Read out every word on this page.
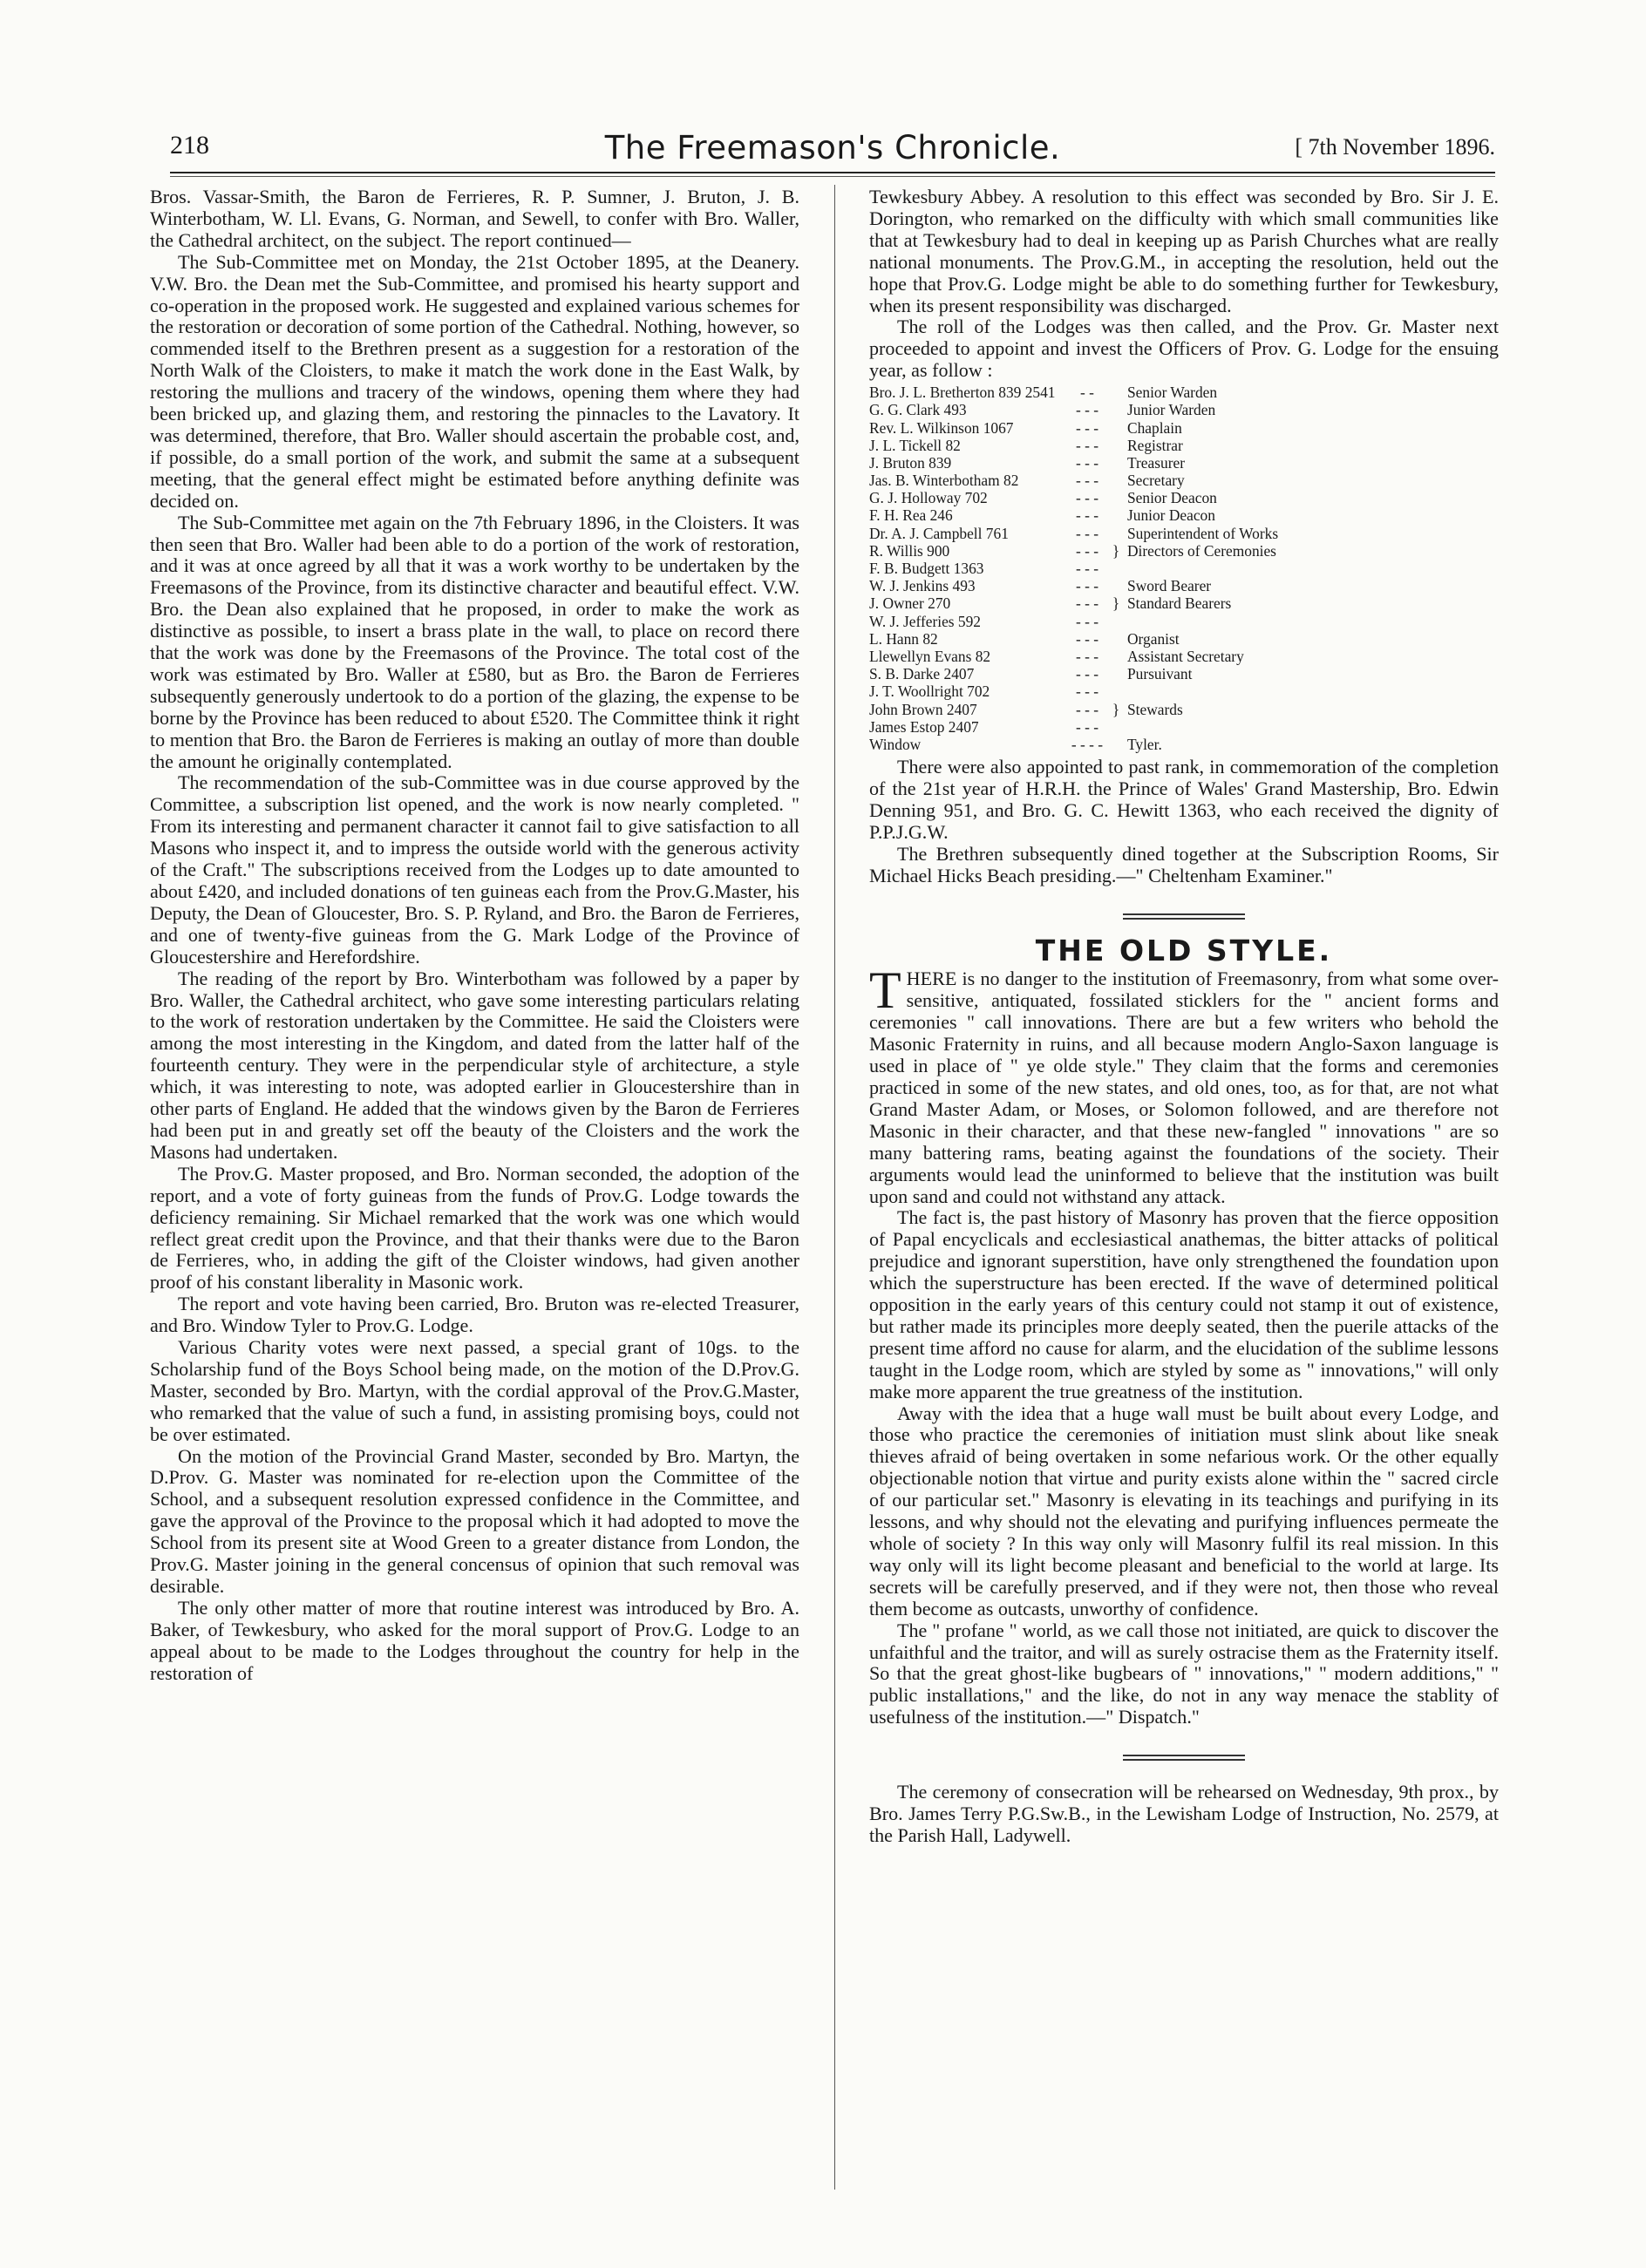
218	The Freemason's Chronicle.	[ 7th November 1896.

Bros. Vassar-Smith, the Baron de Ferrieres, R. P. Sumner, J. Bruton, J. B. Winterbotham, W. Ll. Evans, G. Norman, and Sewell, to confer with Bro. Waller, the Cathedral architect, on the subject. The report continued—

The Sub-Committee met on Monday, the 21st October 1895, at the Deanery. V.W. Bro. the Dean met the Sub-Committee, and promised his hearty support and co-operation in the proposed work. He suggested and explained various schemes for the restoration or decoration of some portion of the Cathedral. Nothing, however, so commended itself to the Brethren present as a suggestion for a restoration of the North Walk of the Cloisters, to make it match the work done in the East Walk, by restoring the mullions and tracery of the windows, opening them where they had been bricked up, and glazing them, and restoring the pinnacles to the Lavatory. It was determined, therefore, that Bro. Waller should ascertain the probable cost, and, if possible, do a small portion of the work, and submit the same at a subsequent meeting, that the general effect might be estimated before anything definite was decided on.

The Sub-Committee met again on the 7th February 1896, in the Cloisters. It was then seen that Bro. Waller had been able to do a portion of the work of restoration, and it was at once agreed by all that it was a work worthy to be undertaken by the Freemasons of the Province, from its distinctive character and beautiful effect. V.W. Bro. the Dean also explained that he proposed, in order to make the work as distinctive as possible, to insert a brass plate in the wall, to place on record there that the work was done by the Freemasons of the Province. The total cost of the work was estimated by Bro. Waller at £580, but as Bro. the Baron de Ferrieres subsequently generously undertook to do a portion of the glazing, the expense to be borne by the Province has been reduced to about £520. The Committee think it right to mention that Bro. the Baron de Ferrieres is making an outlay of more than double the amount he originally contemplated.

The recommendation of the sub-Committee was in due course approved by the Committee, a subscription list opened, and the work is now nearly completed. " From its interesting and permanent character it cannot fail to give satisfaction to all Masons who inspect it, and to impress the outside world with the generous activity of the Craft." The subscriptions received from the Lodges up to date amounted to about £420, and included donations of ten guineas each from the Prov.G.Master, his Deputy, the Dean of Gloucester, Bro. S. P. Ryland, and Bro. the Baron de Ferrieres, and one of twenty-five guineas from the G. Mark Lodge of the Province of Gloucestershire and Herefordshire.

The reading of the report by Bro. Winterbotham was followed by a paper by Bro. Waller, the Cathedral architect, who gave some interesting particulars relating to the work of restoration undertaken by the Committee. He said the Cloisters were among the most interesting in the Kingdom, and dated from the latter half of the fourteenth century. They were in the perpendicular style of architecture, a style which, it was interesting to note, was adopted earlier in Gloucestershire than in other parts of England. He added that the windows given by the Baron de Ferrieres had been put in and greatly set off the beauty of the Cloisters and the work the Masons had undertaken.

The Prov.G. Master proposed, and Bro. Norman seconded, the adoption of the report, and a vote of forty guineas from the funds of Prov.G. Lodge towards the deficiency remaining. Sir Michael remarked that the work was one which would reflect great credit upon the Province, and that their thanks were due to the Baron de Ferrieres, who, in adding the gift of the Cloister windows, had given another proof of his constant liberality in Masonic work.

The report and vote having been carried, Bro. Bruton was re-elected Treasurer, and Bro. Window Tyler to Prov.G. Lodge.

Various Charity votes were next passed, a special grant of 10gs. to the Scholarship fund of the Boys School being made, on the motion of the D.Prov.G. Master, seconded by Bro. Martyn, with the cordial approval of the Prov.G.Master, who remarked that the value of such a fund, in assisting promising boys, could not be over estimated.

On the motion of the Provincial Grand Master, seconded by Bro. Martyn, the D.Prov. G. Master was nominated for re-election upon the Committee of the School, and a subsequent resolution expressed confidence in the Committee, and gave the approval of the Province to the proposal which it had adopted to move the School from its present site at Wood Green to a greater distance from London, the Prov.G. Master joining in the general concensus of opinion that such removal was desirable.

The only other matter of more that routine interest was introduced by Bro. A. Baker, of Tewkesbury, who asked for the moral support of Prov.G. Lodge to an appeal about to be made to the Lodges throughout the country for help in the restoration of

Tewkesbury Abbey. A resolution to this effect was seconded by Bro. Sir J. E. Dorington, who remarked on the difficulty with which small communities like that at Tewkesbury had to deal in keeping up as Parish Churches what are really national monuments. The Prov.G.M., in accepting the resolution, held out the hope that Prov.G. Lodge might be able to do something further for Tewkesbury, when its present responsibility was discharged.

The roll of the Lodges was then called, and the Prov. Gr. Master next proceeded to appoint and invest the Officers of Prov. G. Lodge for the ensuing year, as follow :

Bro. J. L. Bretherton 839 2541	- -	Senior Warden
G. G. Clark 493	- - -	Junior Warden
Rev. L. Wilkinson 1067	- - -	Chaplain
J. L. Tickell 82	- - -	Registrar
J. Bruton 839	- - -	Treasurer
Jas. B. Winterbotham 82	- - -	Secretary
G. J. Holloway 702	- - -	Senior Deacon
F. H. Rea 246	- - -	Junior Deacon
Dr. A. J. Campbell 761	- - -	Superintendent of Works
R. Willis 900	- - - } Directors of Ceremonies
F. B. Budgett 1363	- - -
W. J. Jenkins 493	- - -	Sword Bearer
J. Owner 270	- - - } Standard Bearers
W. J. Jefferies 592	- - -
L. Hann 82	- - -	Organist
Llewellyn Evans 82	- - -	Assistant Secretary
S. B. Darke 2407	- - -	Pursuivant
J. T. Woollright 702	- - -
John Brown 2407	- - - } Stewards
James Estop 2407	- - -
Window	- - - - Tyler.

There were also appointed to past rank, in commemoration of the completion of the 21st year of H.R.H. the Prince of Wales' Grand Mastership, Bro. Edwin Denning 951, and Bro. G. C. Hewitt 1363, who each received the dignity of P.P.J.G.W.

The Brethren subsequently dined together at the Subscription Rooms, Sir Michael Hicks Beach presiding.—" Cheltenham Examiner."

THE OLD STYLE.

THERE is no danger to the institution of Freemasonry, from what some over-sensitive, antiquated, fossilated sticklers for the " ancient forms and ceremonies " call innovations. There are but a few writers who behold the Masonic Fraternity in ruins, and all because modern Anglo-Saxon language is used in place of " ye olde style." They claim that the forms and ceremonies practiced in some of the new states, and old ones, too, as for that, are not what Grand Master Adam, or Moses, or Solomon followed, and are therefore not Masonic in their character, and that these new-fangled " innovations " are so many battering rams, beating against the foundations of the society. Their arguments would lead the uninformed to believe that the institution was built upon sand and could not withstand any attack.

The fact is, the past history of Masonry has proven that the fierce opposition of Papal encyclicals and ecclesiastical anathemas, the bitter attacks of political prejudice and ignorant superstition, have only strengthened the foundation upon which the superstructure has been erected. If the wave of determined political opposition in the early years of this century could not stamp it out of existence, but rather made its principles more deeply seated, then the puerile attacks of the present time afford no cause for alarm, and the elucidation of the sublime lessons taught in the Lodge room, which are styled by some as " innovations," will only make more apparent the true greatness of the institution.

Away with the idea that a huge wall must be built about every Lodge, and those who practice the ceremonies of initiation must slink about like sneak thieves afraid of being overtaken in some nefarious work. Or the other equally objectionable notion that virtue and purity exists alone within the " sacred circle of our particular set." Masonry is elevating in its teachings and purifying in its lessons, and why should not the elevating and purifying influences permeate the whole of society ? In this way only will Masonry fulfil its real mission. In this way only will its light become pleasant and beneficial to the world at large. Its secrets will be carefully preserved, and if they were not, then those who reveal them become as outcasts, unworthy of confidence.

The " profane " world, as we call those not initiated, are quick to discover the unfaithful and the traitor, and will as surely ostracise them as the Fraternity itself. So that the great ghost-like bugbears of " innovations," " modern additions," " public installations," and the like, do not in any way menace the stablity of usefulness of the institution.—" Dispatch."

The ceremony of consecration will be rehearsed on Wednesday, 9th prox., by Bro. James Terry P.G.Sw.B., in the Lewisham Lodge of Instruction, No. 2579, at the Parish Hall, Ladywell.
